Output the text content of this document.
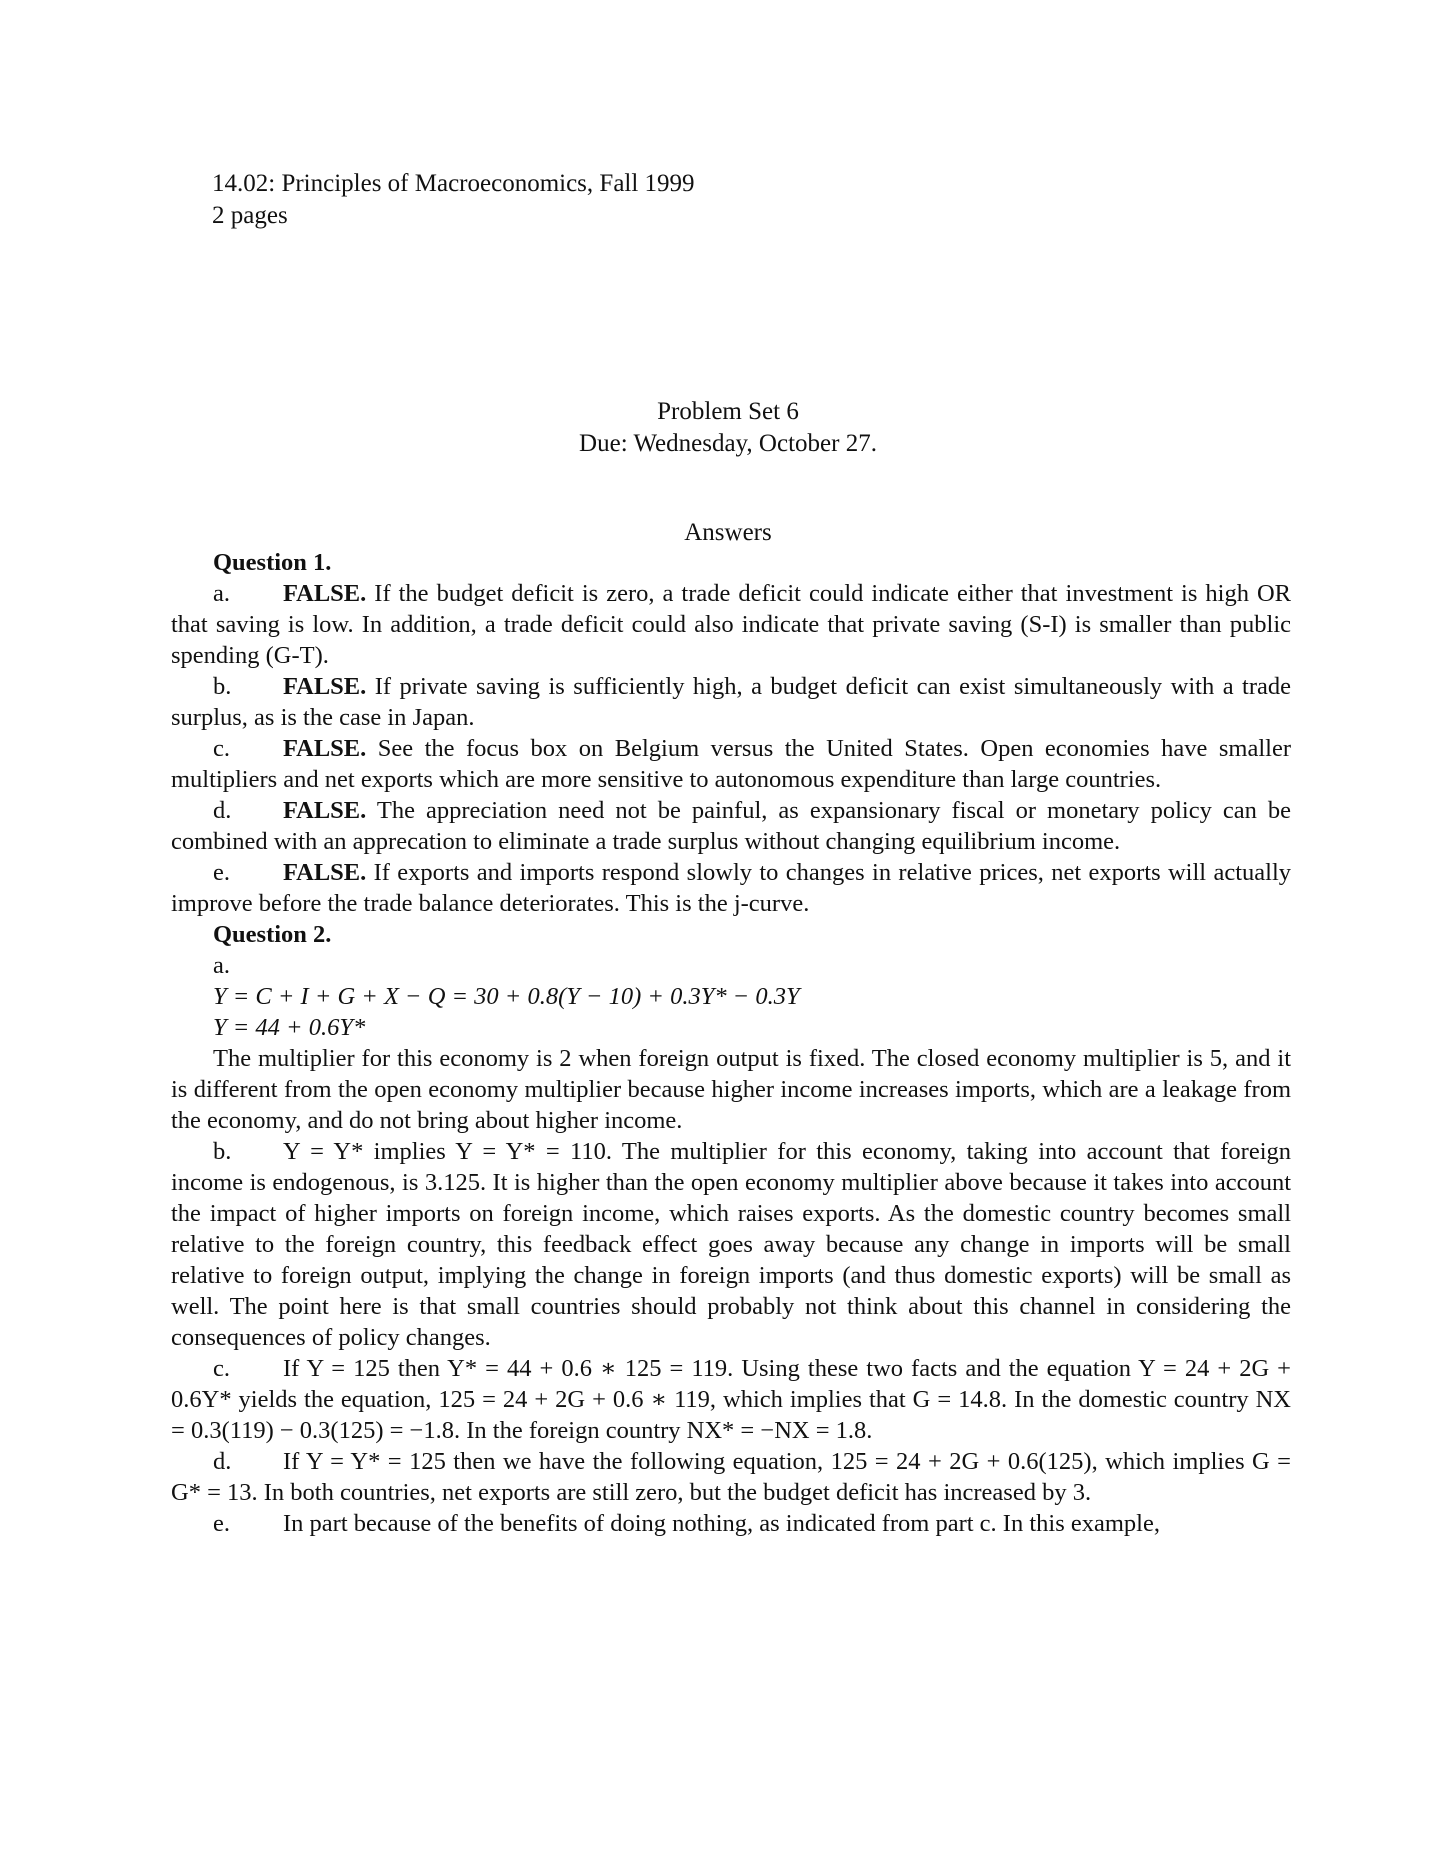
14.02: Principles of Macroeconomics, Fall 1999
2 pages
Problem Set 6
Due: Wednesday, October 27.
Answers
Question 1.
a. FALSE. If the budget deficit is zero, a trade deficit could indicate either that investment is high OR that saving is low. In addition, a trade deficit could also indicate that private saving (S-I) is smaller than public spending (G-T).
b. FALSE. If private saving is sufficiently high, a budget deficit can exist simultaneously with a trade surplus, as is the case in Japan.
c. FALSE. See the focus box on Belgium versus the United States. Open economies have smaller multipliers and net exports which are more sensitive to autonomous expenditure than large countries.
d. FALSE. The appreciation need not be painful, as expansionary fiscal or monetary policy can be combined with an apprecation to eliminate a trade surplus without changing equilibrium income.
e. FALSE. If exports and imports respond slowly to changes in relative prices, net exports will actually improve before the trade balance deteriorates. This is the j-curve.
Question 2.
a.
Y = C + I + G + X − Q = 30 + 0.8(Y − 10) + 0.3Y* − 0.3Y
Y = 44 + 0.6Y*
The multiplier for this economy is 2 when foreign output is fixed. The closed economy multiplier is 5, and it is different from the open economy multiplier because higher income increases imports, which are a leakage from the economy, and do not bring about higher income.
b. Y = Y* implies Y = Y* = 110. The multiplier for this economy, taking into account that foreign income is endogenous, is 3.125. It is higher than the open economy multiplier above because it takes into account the impact of higher imports on foreign income, which raises exports. As the domestic country becomes small relative to the foreign country, this feedback effect goes away because any change in imports will be small relative to foreign output, implying the change in foreign imports (and thus domestic exports) will be small as well. The point here is that small countries should probably not think about this channel in considering the consequences of policy changes.
c. If Y = 125 then Y* = 44 + 0.6 ∗ 125 = 119. Using these two facts and the equation Y = 24 + 2G + 0.6Y* yields the equation, 125 = 24 + 2G + 0.6 ∗ 119, which implies that G = 14.8. In the domestic country NX = 0.3(119) − 0.3(125) = −1.8. In the foreign country NX* = −NX = 1.8.
d. If Y = Y* = 125 then we have the following equation, 125 = 24 + 2G + 0.6(125), which implies G = G* = 13. In both countries, net exports are still zero, but the budget deficit has increased by 3.
e. In part because of the benefits of doing nothing, as indicated from part c. In this example,
